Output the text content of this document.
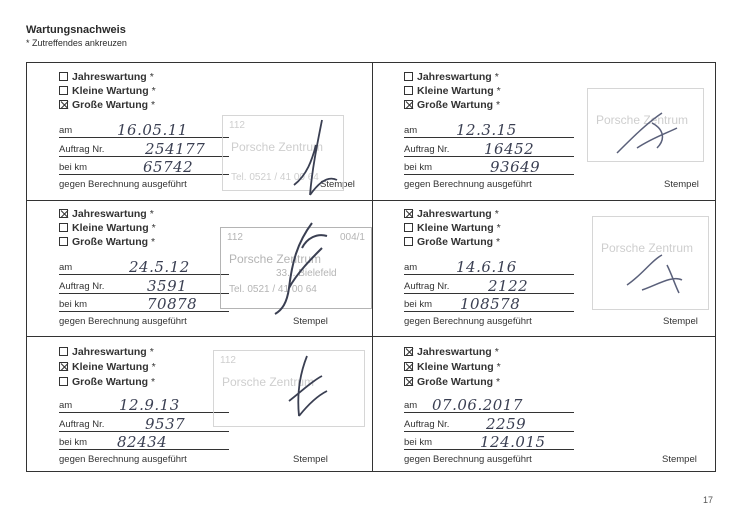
Wartungsnachweis
* Zutreffendes ankreuzen
Jahreswartung *
Kleine Wartung *
Große Wartung *
am	16.05.11
Auftrag Nr.	254177
bei km	65742
gegen Berechnung ausgeführt	Stempel
112
Porsche Zentrum
Tel. 0521 / 41 00 64
Jahreswartung *
Kleine Wartung *
Große Wartung *
am	12.3.15
Auftrag Nr. 16452
bei km	93649
gegen Berechnung ausgeführt	Stempel
Porsche Zentrum
Jahreswartung *
Kleine Wartung *
Große Wartung *
am	24.5.12
Auftrag Nr.	3591
bei km	70878
gegen Berechnung ausgeführt	Stempel
112	004/1
Porsche Zentrum
33... Bielefeld
Tel. 0521 / 41 00 64
Jahreswartung *
Kleine Wartung *
Große Wartung *
am	14.6.16
Auftrag Nr.	2122
bei km 108578
gegen Berechnung ausgeführt	Stempel
Porsche Zentrum
Jahreswartung *
Kleine Wartung *
Große Wartung *
am	12.9.13
Auftrag Nr.	9537
bei km 82434
gegen Berechnung ausgeführt	Stempel
112
Porsche Zentrum
Jahreswartung *
Kleine Wartung *
Große Wartung *
am 07.06.2017
Auftrag Nr. 2259
bei km	124.015
gegen Berechnung ausgeführt	Stempel
17
